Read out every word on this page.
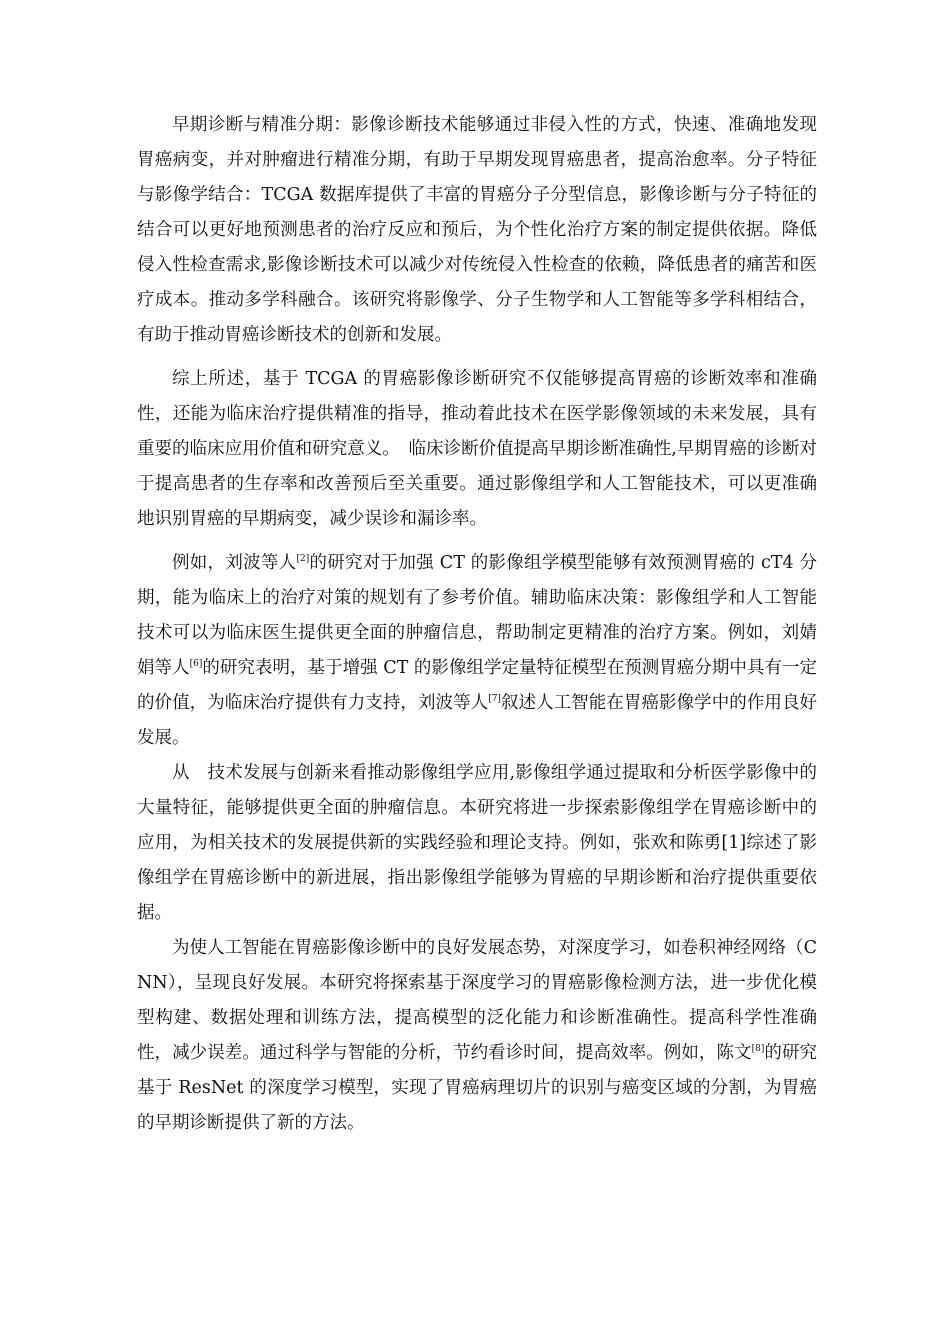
早期诊断与精准分期：影像诊断技术能够通过非侵入性的方式，快速、准确地发现胃癌病变，并对肿瘤进行精准分期，有助于早期发现胃癌患者，提高治愈率。分子特征与影像学结合：TCGA 数据库提供了丰富的胃癌分子分型信息，影像诊断与分子特征的结合可以更好地预测患者的治疗反应和预后，为个性化治疗方案的制定提供依据。降低侵入性检查需求,影像诊断技术可以减少对传统侵入性检查的依赖，降低患者的痛苦和医疗成本。推动多学科融合。该研究将影像学、分子生物学和人工智能等多学科相结合，有助于推动胃癌诊断技术的创新和发展。

综上所述，基于 TCGA 的胃癌影像诊断研究不仅能够提高胃癌的诊断效率和准确性，还能为临床治疗提供精准的指导，推动着此技术在医学影像领域的未来发展，具有重要的临床应用价值和研究意义。　临床诊断价值提高早期诊断准确性,早期胃癌的诊断对于提高患者的生存率和改善预后至关重要。通过影像组学和人工智能技术，可以更准确地识别胃癌的早期病变，减少误诊和漏诊率。

例如，刘波等人[2]的研究对于加强 CT 的影像组学模型能够有效预测胃癌的 cT4 分期，能为临床上的治疗对策的规划有了参考价值。辅助临床决策：影像组学和人工智能技术可以为临床医生提供更全面的肿瘤信息，帮助制定更精准的治疗方案。例如，刘婧娟等人[6]的研究表明，基于增强 CT 的影像组学定量特征模型在预测胃癌分期中具有一定的价值，为临床治疗提供有力支持，刘波等人[7]叙述人工智能在胃癌影像学中的作用良好发展。

从　技术发展与创新来看推动影像组学应用,影像组学通过提取和分析医学影像中的大量特征，能够提供更全面的肿瘤信息。本研究将进一步探索影像组学在胃癌诊断中的应用，为相关技术的发展提供新的实践经验和理论支持。例如，张欢和陈勇[1]综述了影像组学在胃癌诊断中的新进展，指出影像组学能够为胃癌的早期诊断和治疗提供重要依据。

为使人工智能在胃癌影像诊断中的良好发展态势，对深度学习，如卷积神经网络（CNN），呈现良好发展。本研究将探索基于深度学习的胃癌影像检测方法，进一步优化模型构建、数据处理和训练方法，提高模型的泛化能力和诊断准确性。提高科学性准确性，减少误差。通过科学与智能的分析，节约看诊时间，提高效率。例如，陈文[8]的研究基于 ResNet 的深度学习模型，实现了胃癌病理切片的识别与癌变区域的分割，为胃癌的早期诊断提供了新的方法。
